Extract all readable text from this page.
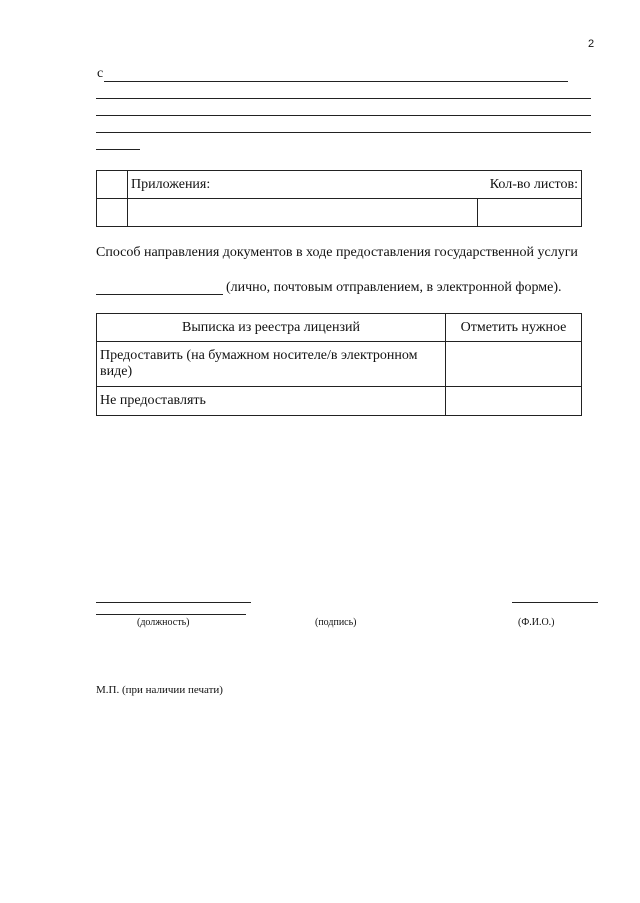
2
с

	Приложения: Кол-во листов:	

Способ направления документов в ходе предоставления государственной услуги
(лично, почтовым отправлением, в электронной форме).
Выписка из реестра лицензий	Отметить нужное
Предоставить (на бумажном носителе/в электронном виде)	
Не предоставлять	
(должность)	(подпись)	(Ф.И.О.)
М.П. (при наличии печати)
